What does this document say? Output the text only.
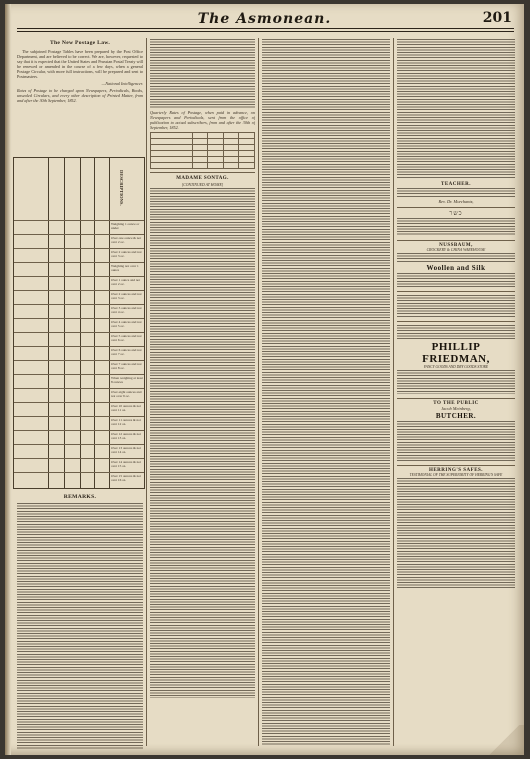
The Asmonean.	201
The New Postage Law.

The subjoined Postage Tables have been prepared by the Post Office Department, and are believed to be correct. We are, however, requested to say that it is expected that the United States and Prussian Postal Treaty will be renewed or amended in the course of a few days, when a general Postage Circular, with more full instructions, will be prepared and sent to Postmasters.

—National Intelligencer.

Rates of Postage to be charged upon Newspapers, Periodicals, Books, unsealed Circulars, and every other description of Printed Matter, from and after the 30th September, 1852.

DESCRIPTIONS.
Weighing 1 ounce or under
Over one ounce & not over 2 oz.
Over 2 ounces and not over 3 oz.
Weighing not over 1 ounce
Over 1 ounce and not over 2 oz.
Over 2 ounces and not over 3 oz.
Over 3 ounces and not over 4 oz.
Over 4 ounces and not over 5 oz.
Over 5 ounces and not over 6 oz.
Over 6 ounces and not over 7 oz.
Over 7 ounces and not over 8 oz.
When weighing at least 8 ounces
Over eight ounces and not over 9 oz.
Over 10 ounces & not over 11 oz.
Over 11 ounces & not over 12 oz.
Over 12 ounces & not over 13 oz.
Over 13 ounces & not over 14 oz.
Over 14 ounces & not over 15 oz.
Over 15 ounces & not over 16 oz.
REMARKS.

Quarterly Rates of Postage, when paid in advance, on Newspapers and Periodicals, sent from the office of publication to actual subscribers, from and after the 30th of September, 1852.

MADAME SONTAG.
[CONTINUED AT HOME]	TEACHER.
Rev. Dr. Morchantz,
כשר
NUSSBAUM,
CROCKERY & CHINA WAREHOUSE
Woollen and Silk
PHILLIP FRIEDMAN,
FANCY GOODS AND DRY GOODS STORE
TO THE PUBLIC
Jacob Meinberg,
BUTCHER.
HERRING'S SAFES.
TESTIMONIAL OF THE SUPERIORITY OF HERRING'S SAFE
